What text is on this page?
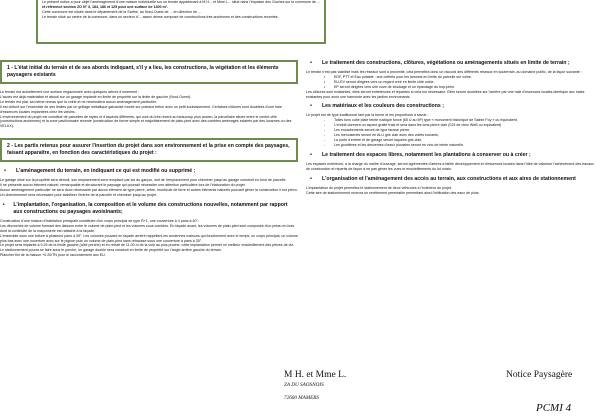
Le présent notice a pour objet l'aménagement d'une maison individuelle sur un terrain appartenant à M H... et Mme L... situé dans l'impasse des Ouches sur la commune de ...

et référencé section ZO N° 3, 184, 186 et 125 pour une surface de 1400 m².

Cette commune est située dans le département de la Sarthe, au Nord-Ouest de ... en direction de ...

Le terrain situé au centre de la commune, dans un secteur d'... assez dense composé de constructions très anciennes et des constructions récentes.

1 - L'état initial du terrain et de ses abords indiquant, s'il y a lieu, les constructions, la végétation et les éléments paysagers existants

Le terrain est actuellement une surface engazonnée avec quelques arbres d'ornement :

L'accès est déjà matérialisé et abouti sur un garage implanté en limite de propriété sur la limite de gauche (Nord-Ouest).

Le terrain est plat, sa même niveau que la voirie et ne nécessitera aucun aménagement particulier.

Il est clôturé sur l'ensemble de ses limites par un grillage métallique galvanisé monté sur poteaux béton avec un petit soubassement. Certaines clôtures sont doublées d'une haie d'essences locales implantées chez les voisins.

L'environnement du projet est constitué de parcelles de styles et d'aspects différents, qui vont du très récent au beaucoup plus ancien, la parcellaire située entre le centre-ville (constructions anciennes) et la zone pavillonnaire récente (construction de forme simple et majoritairement de plain-pied avec des combles aménagés éclairés par des lucarnes ou des VELUX).

2 - Les partis retenus pour assurer l'insertion du projet dans son environnement et la prise en compte des paysages, faisant apparaître, en fonction des caractéristiques du projet :
•	L'aménagement du terrain, en indiquant ce qui est modifié ou supprimé ;

Le garage situé sur la propriété sera démoli, son emplacement sera remplacé par sol du garçon, suit de l'emplacement pour cheminer jusqu'au garage construit en fond de parcelle.

Il ne présente aucun élément naturel, remarquable et structurant le paysage qui pourrait nécessiter une attention particulière lors de l'élaboration du projet.

Aucun aménagement particulier ne sera donc nécessaire par aucun élément de type pierre, arbre, monticule de terre et autres éléments naturels pouvant gêner la construction n'est prévu.

Un cheminement sera nécessaire pour stabiliser l'entrée de la parcelle et cheminer jusqu'au projet.

•	L'implantation, l'organisation, la composition et le volume des constructions nouvelles, notamment par rapport aux constructions ou paysages avoisinants;

Construction d'une maison d'habitation principale constituée d'un corps principal de type R+1, une couverture à 4 pans à 40°.

Les décrochés de volume formant des liaisons entre le volume de plain-pied et les volumes sous combles. En façade avant, les volumes de plain-pied sont composés d'un préau en bois dont la continuité de la maçonnerie est rattaché à la façade.

L'ensemble sous une toiture à plusieurs pans à 35°. Les volumes pouvant en façade arrière rappellent les anciennes maisons qui fonctionnent avec le temps, un corps principal, un volume plus bas avec une ouverture avec sur le pignon puis un volume de plain-pied sans rehausse sous une couverture à pans à 35°.

Le projet sera implanté à 9.25 de la limite gauche (côté porche) et en retrait de 11.00 m de la voie au plus proche, cette implantation permet un meilleur ensoleillement des pièces de vie.

Le stationnement pourra se faire sous le porche, un garage double sera construit en limite de propriété sur l'angle arrière gauche du terrain.

Plancher fini de la maison +0.20/TN pour le raccordement aux EU.

•	Le traitement des constructions, clôtures, végétations ou aménagements situés en limite de terrain ;

Le terrain n'est pas viabilisé mais les réseaux sont à proximité, cela permettra donc un raccord des différents réseaux en souterrain, au domaine public, de la façon suivante :

• EDF, PTT et Eau potable : aux coffrets pour les besoins en limite du parcelle sur voirie.
• EU-EV seront dirigées vers un regard créé en limite côté voirie.
• EP seront dirigées vers une cuve de stockage et un épandage du trop-plein.

Les clôtures sont existantes, elles seront entretenues et réparées si cela est nécessaire. Elles seront doublées sur l'arrière par une haie d'essences locales identique aux haies existantes pour avoir une harmonie avec les jardins environnants.

•	Les matériaux et les couleurs des constructions ;

Le projet est de type traditionnel tant par la forme et les proportions à savoir :

- Toiles tons cuite plate teinte rustique foncé (65 U au M²) type « monument historique de Sainte Foy » ou équivalent,
- L'enduit donnera un aspect gratté frais et sera dans les tons pierre clair (015 de chez WeB ou équivalent)
- Les encadrements seront de type fausse pierre,
- Les menuiseries seront en ALU gris clair avec des volets roulants,
- La porte d'entrée et de garage seront laquées gris clair,
- Les gouttières et les descentes d'eaux pluviales seront en zinc de teinte naturelle.
•	Le traitement des espaces libres, notamment les plantations à conserver ou à créer ;

Les espaces extérieurs, à la charge du maître d'ouvrage, seront agrémentés d'arbres à faible développement et d'essences locales dans l'idée de valoriser l'achèvement des travaux de construction et répartis de façon à ne pas gêner les vues et ensoleillements du lot voisin.

•	L'organisation et l'aménagement des accès au terrain, aux constructions et aux aires de stationnement

L'implantation du projet permettra le stationnement de deux véhicules à l'extérieur du projet.

Cette aire de stationnement recevra un revêtement perméable permettant ainsi l'infiltration des eaux de pluie.

M H. et Mme L.
ZA DU SAOSNOIS
72600 MAMERS
Notice Paysagère
PCMI 4
